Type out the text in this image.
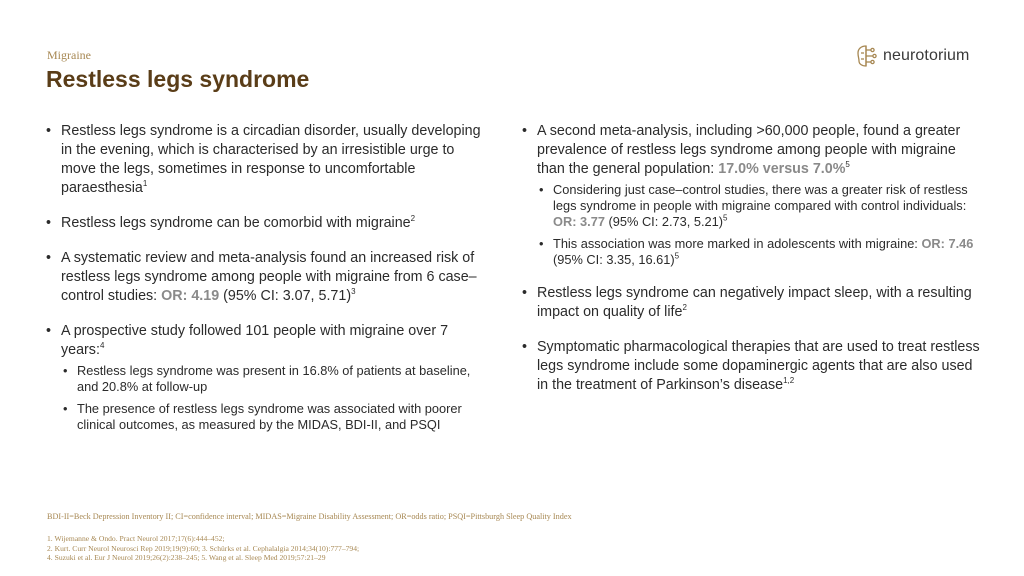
Migraine
Restless legs syndrome
neurotorium
• Restless legs syndrome is a circadian disorder, usually developing in the evening, which is characterised by an irresistible urge to move the legs, sometimes in response to uncomfortable paraesthesia$^1$
• Restless legs syndrome can be comorbid with migraine$^2$
• A systematic review and meta-analysis found an increased risk of restless legs syndrome among people with migraine from 6 case–control studies: OR: 4.19 (95% CI: 3.07, 5.71)$^3$
• A prospective study followed 101 people with migraine over 7 years:$^4$
• Restless legs syndrome was present in 16.8% of patients at baseline, and 20.8% at follow-up
• The presence of restless legs syndrome was associated with poorer clinical outcomes, as measured by the MIDAS, BDI-II, and PSQI
• A second meta-analysis, including >60,000 people, found a greater prevalence of restless legs syndrome among people with migraine than the general population: 17.0% versus 7.0%$^5$
• Considering just case–control studies, there was a greater risk of restless legs syndrome in people with migraine compared with control individuals: OR: 3.77 (95% CI: 2.73, 5.21)$^5$
• This association was more marked in adolescents with migraine: OR: 7.46 (95% CI: 3.35, 16.61)$^5$
• Restless legs syndrome can negatively impact sleep, with a resulting impact on quality of life$^2$
• Symptomatic pharmacological therapies that are used to treat restless legs syndrome include some dopaminergic agents that are also used in the treatment of Parkinson’s disease$^{1,2}$
BDI-II=Beck Depression Inventory II; CI=confidence interval; MIDAS=Migraine Disability Assessment; OR=odds ratio; PSQI=Pittsburgh Sleep Quality Index
1. Wijemanne & Ondo. Pract Neurol 2017;17(6):444–452;
2. Kurt. Curr Neurol Neurosci Rep 2019;19(9):60; 3. Schürks et al. Cephalalgia 2014;34(10):777–794;
4. Suzuki et al. Eur J Neurol 2019;26(2):238–245; 5. Wang et al. Sleep Med 2019;57:21–29
